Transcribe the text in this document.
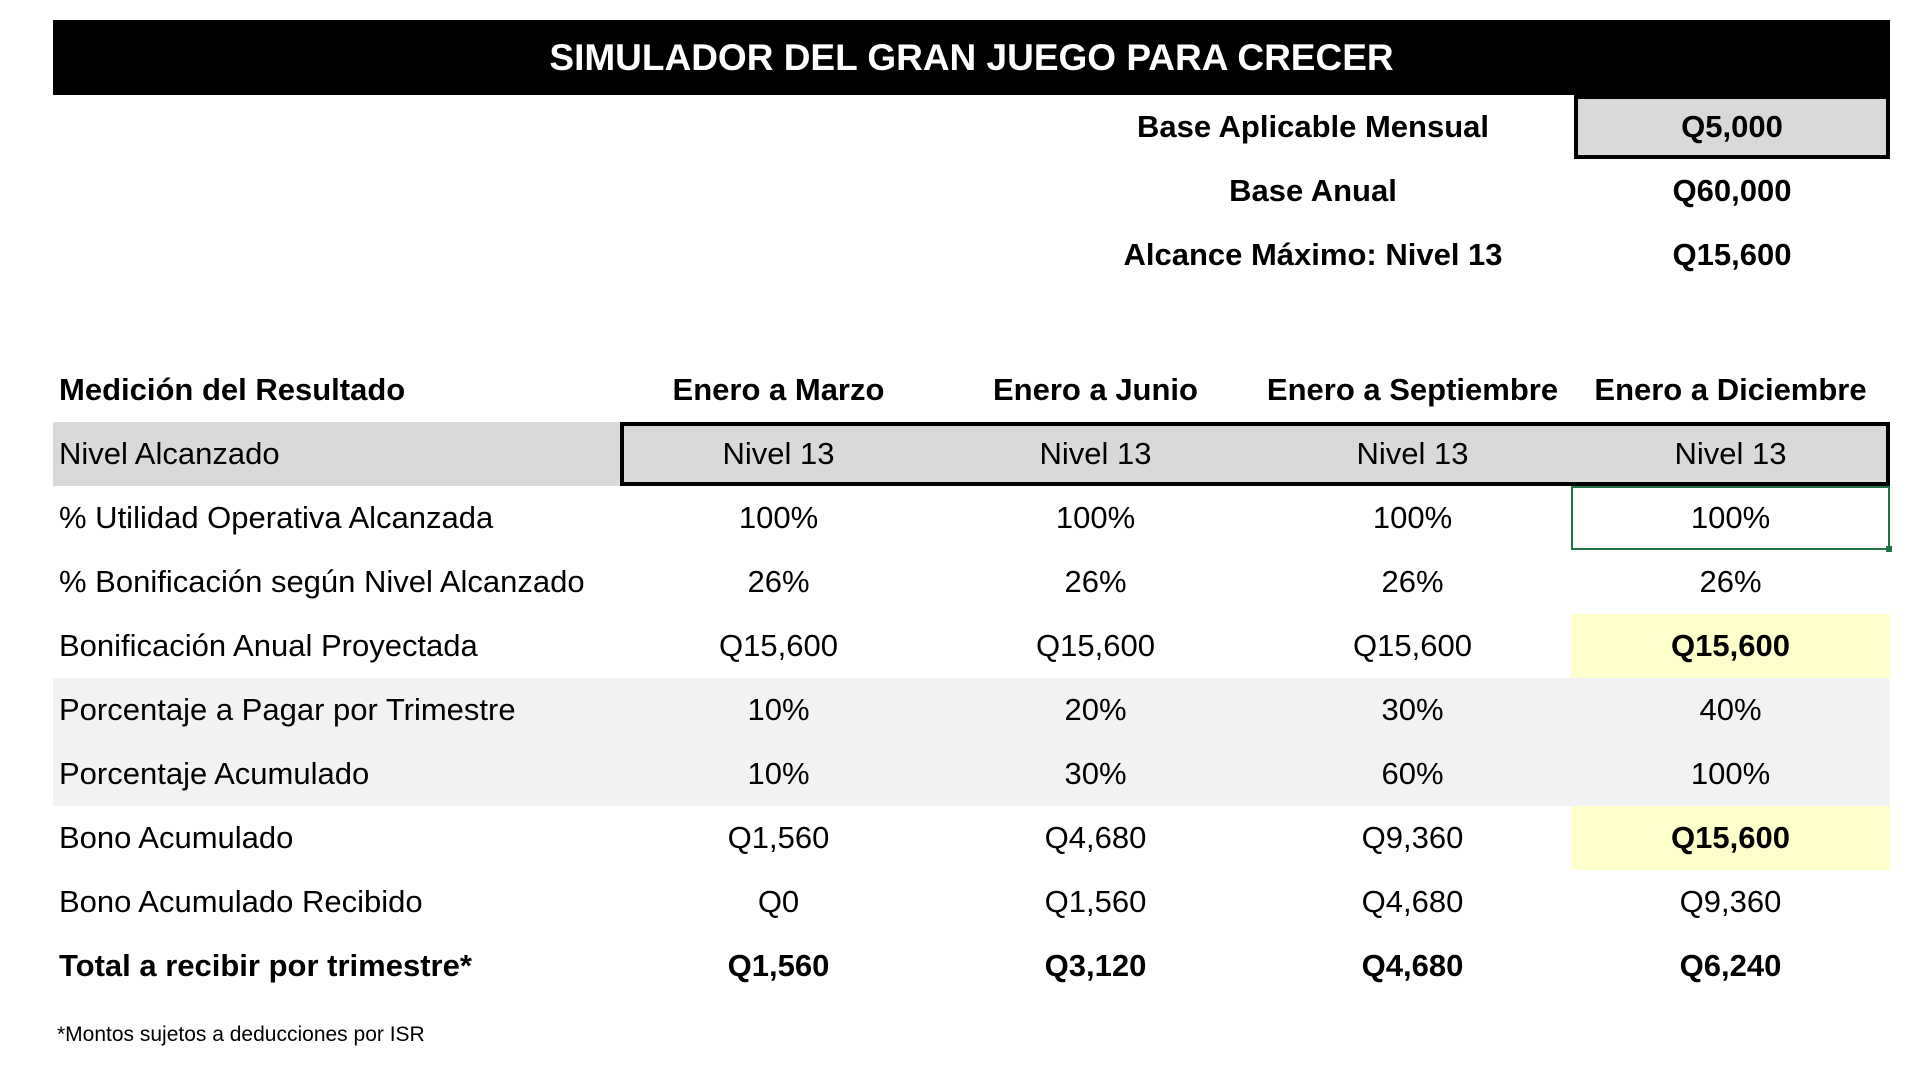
SIMULADOR DEL GRAN JUEGO PARA CRECER
Base Aplicable Mensual	Q5,000
Base Anual	Q60,000
Alcance Máximo: Nivel 13	Q15,600
Medición del Resultado	Enero a Marzo	Enero a Junio	Enero a Septiembre	Enero a Diciembre
Nivel Alcanzado	Nivel 13	Nivel 13	Nivel 13	Nivel 13
% Utilidad Operativa Alcanzada	100%	100%	100%	100%
% Bonificación según Nivel Alcanzado	26%	26%	26%	26%
Bonificación Anual Proyectada	Q15,600	Q15,600	Q15,600	Q15,600
Porcentaje a Pagar por Trimestre	10%	20%	30%	40%
Porcentaje Acumulado	10%	30%	60%	100%
Bono Acumulado	Q1,560	Q4,680	Q9,360	Q15,600
Bono Acumulado Recibido	Q0	Q1,560	Q4,680	Q9,360
Total a recibir por trimestre*	Q1,560	Q3,120	Q4,680	Q6,240
*Montos sujetos a deducciones por ISR
